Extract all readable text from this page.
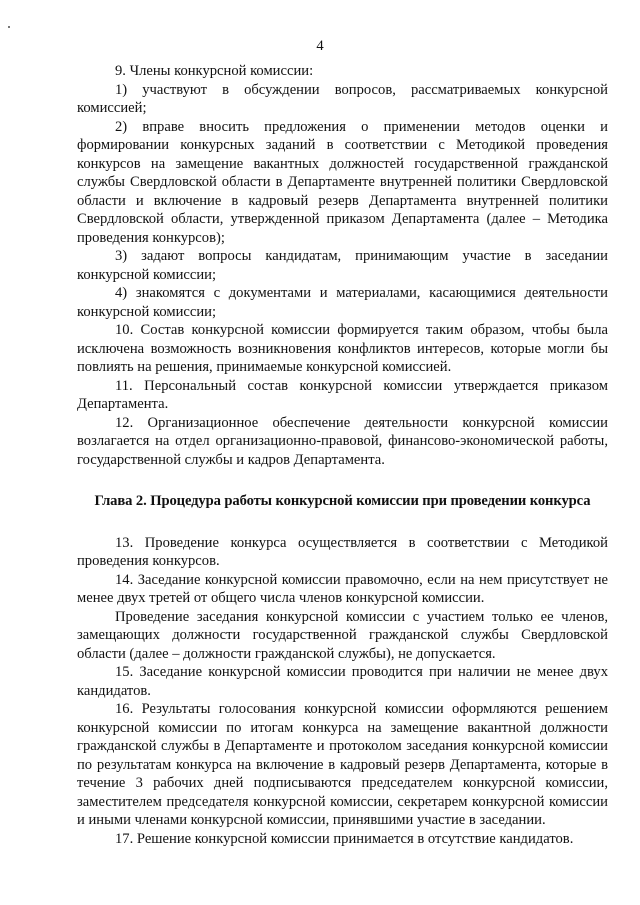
4

9. Члены конкурсной комиссии:

1) участвуют в обсуждении вопросов, рассматриваемых конкурсной комиссией;

2) вправе вносить предложения о применении методов оценки и формировании конкурсных заданий в соответствии с Методикой проведения конкурсов на замещение вакантных должностей государственной гражданской службы Свердловской области в Департаменте внутренней политики Свердловской области и включение в кадровый резерв Департамента внутренней политики Свердловской области, утвержденной приказом Департамента (далее – Методика проведения конкурсов);

3) задают вопросы кандидатам, принимающим участие в заседании конкурсной комиссии;

4) знакомятся с документами и материалами, касающимися деятельности конкурсной комиссии;

10. Состав конкурсной комиссии формируется таким образом, чтобы была исключена возможность возникновения конфликтов интересов, которые могли бы повлиять на решения, принимаемые конкурсной комиссией.

11. Персональный состав конкурсной комиссии утверждается приказом Департамента.

12. Организационное обеспечение деятельности конкурсной комиссии возлагается на отдел организационно-правовой, финансово-экономической работы, государственной службы и кадров Департамента.

Глава 2. Процедура работы конкурсной комиссии при проведении конкурса

13. Проведение конкурса осуществляется в соответствии с Методикой проведения конкурсов.

14. Заседание конкурсной комиссии правомочно, если на нем присутствует не менее двух третей от общего числа членов конкурсной комиссии.

Проведение заседания конкурсной комиссии с участием только ее членов, замещающих должности государственной гражданской службы Свердловской области (далее – должности гражданской службы), не допускается.

15. Заседание конкурсной комиссии проводится при наличии не менее двух кандидатов.

16. Результаты голосования конкурсной комиссии оформляются решением конкурсной комиссии по итогам конкурса на замещение вакантной должности гражданской службы в Департаменте и протоколом заседания конкурсной комиссии по результатам конкурса на включение в кадровый резерв Департамента, которые в течение 3 рабочих дней подписываются председателем конкурсной комиссии, заместителем председателя конкурсной комиссии, секретарем конкурсной комиссии и иными членами конкурсной комиссии, принявшими участие в заседании.

17. Решение конкурсной комиссии принимается в отсутствие кандидатов.
